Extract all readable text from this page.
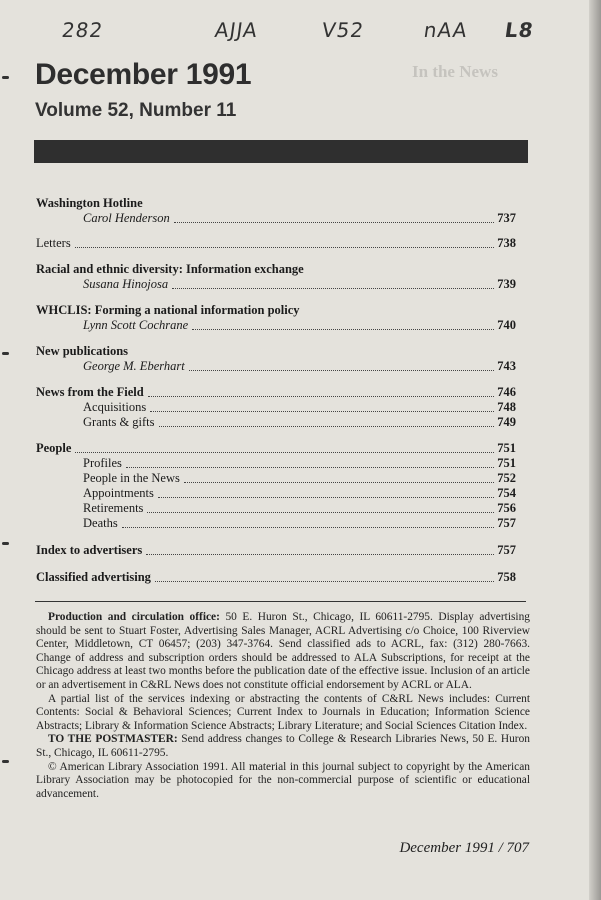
282	AJJA	V52	nAA L8
In the News
December 1991
Volume 52, Number 11
Washington Hotline
Carol Henderson	737
Letters	738
Racial and ethnic diversity: Information exchange
Susana Hinojosa	739
WHCLIS: Forming a national information policy
Lynn Scott Cochrane	740
New publications
George M. Eberhart	743
News from the Field	746
Acquisitions	748
Grants & gifts	749
People	751
Profiles	751
People in the News	752
Appointments	754
Retirements	756
Deaths	757
Index to advertisers	757
Classified advertising	758

Production and circulation office: 50 E. Huron St., Chicago, IL 60611-2795. Display advertising should be sent to Stuart Foster, Advertising Sales Manager, ACRL Advertising c/o Choice, 100 Riverview Center, Middletown, CT 06457; (203) 347-3764. Send classified ads to ACRL, fax: (312) 280-7663. Change of address and subscription orders should be addressed to ALA Subscriptions, for receipt at the Chicago address at least two months before the publication date of the effective issue. Inclusion of an article or an advertisement in C&RL News does not constitute official endorsement by ACRL or ALA.

A partial list of the services indexing or abstracting the contents of C&RL News includes: Current Contents: Social & Behavioral Sciences; Current Index to Journals in Education; Information Science Abstracts; Library & Information Science Abstracts; Library Literature; and Social Sciences Citation Index.

TO THE POSTMASTER: Send address changes to College & Research Libraries News, 50 E. Huron St., Chicago, IL 60611-2795.

© American Library Association 1991. All material in this journal subject to copyright by the American Library Association may be photocopied for the non-commercial purpose of scientific or educational advancement.

December 1991 / 707
